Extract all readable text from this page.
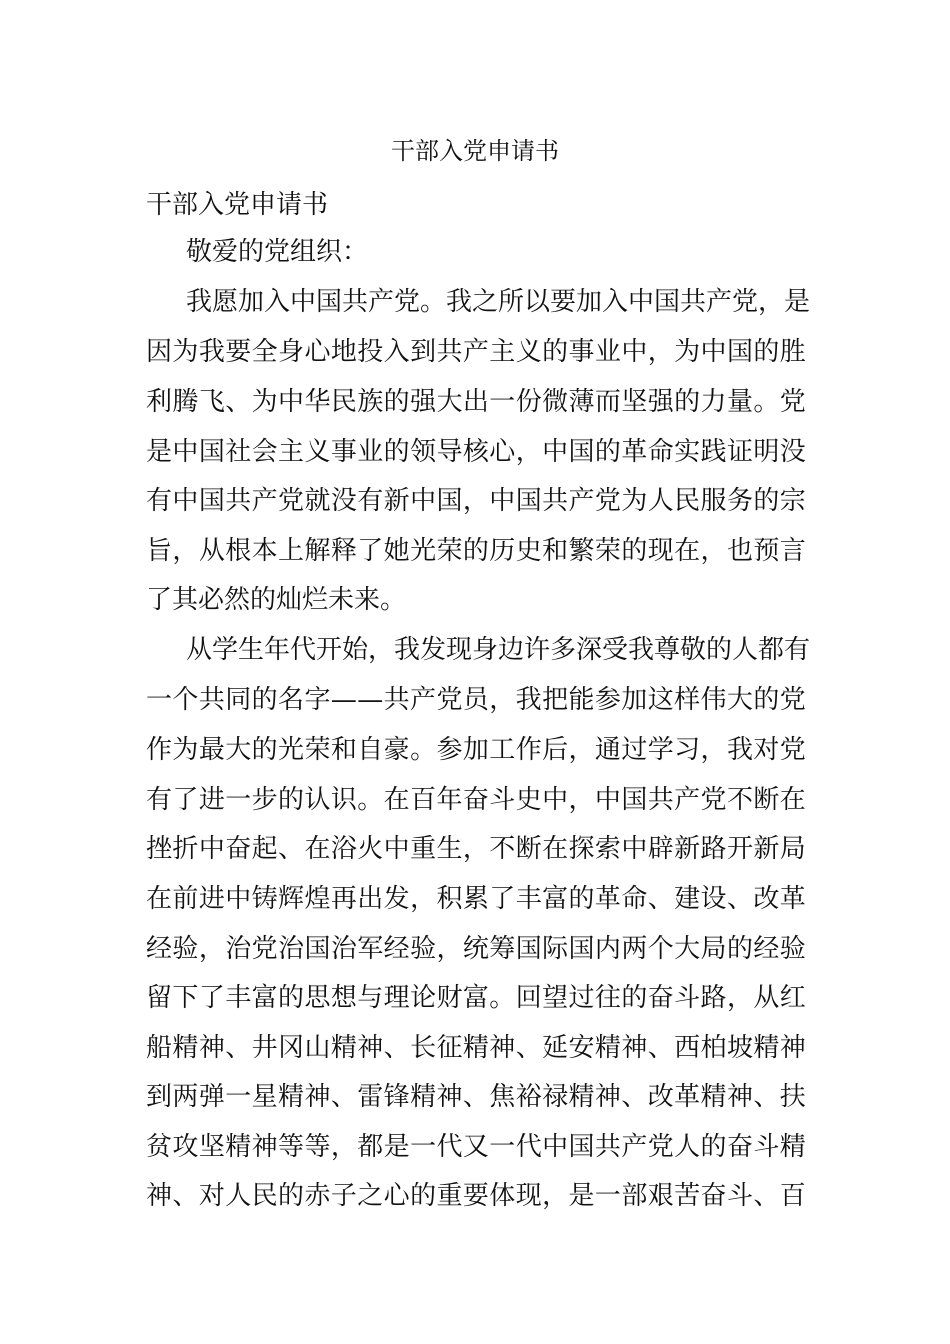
干部入党申请书

干部入党申请书

敬爱的党组织：

我愿加入中国共产党。我之所以要加入中国共产党，是

因 为 我 要 全 身 心 地 投 入 到 共 产 主 义 的 事 业 中 ， 为 中 国 的 胜

利 腾 飞 、 为 中 华 民 族 的 强 大 出 一 份 微 薄 而 坚 强 的 力 量 。 党

是 中 国 社 会 主 义 事 业 的 领 导 核 心 ， 中 国 的 革 命 实 践 证 明 没

有 中 国 共 产 党 就 没 有 新 中 国 ， 中 国 共 产 党 为 人 民 服 务 的 宗

旨 ， 从 根 本 上 解 释 了 她 光 荣 的 历 史 和 繁 荣 的 现 在 ， 也 预 言

了其必然的灿烂未来。

从学生年代开始，我发现身边许多深受我尊敬的人都有

一 个 共 同 的 名 字 — — 共 产 党 员 ， 我 把 能 参 加 这 样 伟 大 的 党

作 为 最 大 的 光 荣 和 自 豪 。 参 加 工 作 后 ， 通 过 学 习 ， 我 对 党

有 了 进 一 步 的 认 识 。 在 百 年 奋 斗 史 中 ， 中 国 共 产 党 不 断 在

挫 折 中 奋 起 、 在 浴 火 中 重 生 ， 不 断 在 探 索 中 辟 新 路 开 新 局

在 前 进 中 铸 辉 煌 再 出 发 ， 积 累 了 丰 富 的 革 命 、 建 设 、 改 革

经 验 ， 治 党 治 国 治 军 经 验 ， 统 筹 国 际 国 内 两 个 大 局 的 经 验

留 下 了 丰 富 的 思 想 与 理 论 财 富 。 回 望 过 往 的 奋 斗 路 ， 从 红

船 精 神 、 井 冈 山 精 神 、 长 征 精 神 、 延 安 精 神 、 西 柏 坡 精 神

到 两 弹 一 星 精 神 、 雷 锋 精 神 、 焦 裕 禄 精 神 、 改 革 精 神 、 扶

贫 攻 坚 精 神 等 等 ， 都 是 一 代 又 一 代 中 国 共 产 党 人 的 奋 斗 精

神 、 对 人 民 的 赤 子 之 心 的 重 要 体 现 ， 是 一 部 艰 苦 奋 斗 、 百
